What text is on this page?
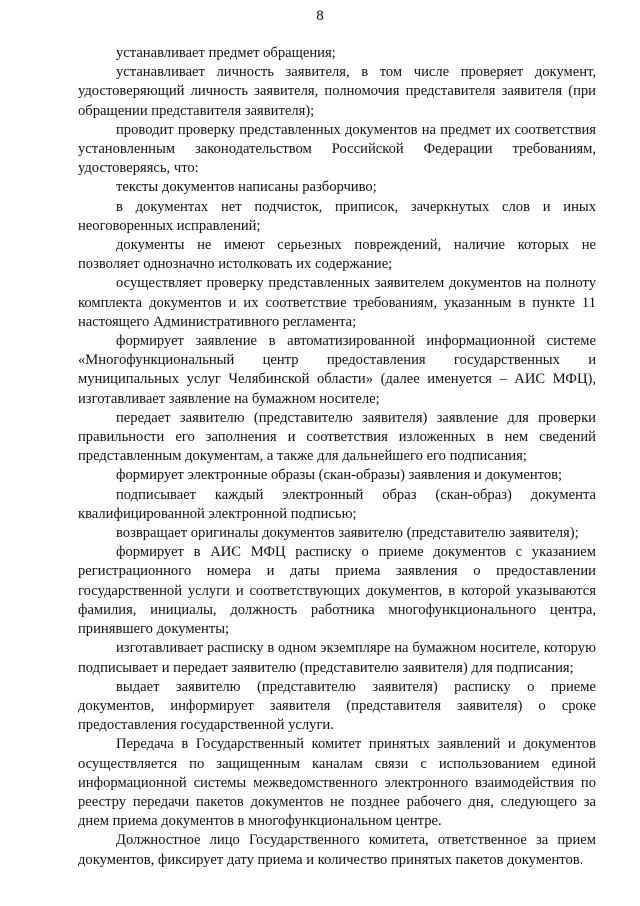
8

устанавливает предмет обращения;

устанавливает личность заявителя, в том числе проверяет документ, удостоверяющий личность заявителя, полномочия представителя заявителя (при обращении представителя заявителя);

проводит проверку представленных документов на предмет их соответствия установленным законодательством Российской Федерации требованиям, удостоверяясь, что:

тексты документов написаны разборчиво;

в документах нет подчисток, приписок, зачеркнутых слов и иных неоговоренных исправлений;

документы не имеют серьезных повреждений, наличие которых не позволяет однозначно истолковать их содержание;

осуществляет проверку представленных заявителем документов на полноту комплекта документов и их соответствие требованиям, указанным в пункте 11 настоящего Административного регламента;

формирует заявление в автоматизированной информационной системе «Многофункциональный центр предоставления государственных и муниципальных услуг Челябинской области» (далее именуется – АИС МФЦ), изготавливает заявление на бумажном носителе;

передает заявителю (представителю заявителя) заявление для проверки правильности его заполнения и соответствия изложенных в нем сведений представленным документам, а также для дальнейшего его подписания;

формирует электронные образы (скан-образы) заявления и документов;

подписывает каждый электронный образ (скан-образ) документа квалифицированной электронной подписью;

возвращает оригиналы документов заявителю (представителю заявителя);

формирует в АИС МФЦ расписку о приеме документов с указанием регистрационного номера и даты приема заявления о предоставлении государственной услуги и соответствующих документов, в которой указываются фамилия, инициалы, должность работника многофункционального центра, принявшего документы;

изготавливает расписку в одном экземпляре на бумажном носителе, которую подписывает и передает заявителю (представителю заявителя) для подписания;

выдает заявителю (представителю заявителя) расписку о приеме документов, информирует заявителя (представителя заявителя) о сроке предоставления государственной услуги.

Передача в Государственный комитет принятых заявлений и документов осуществляется по защищенным каналам связи с использованием единой информационной системы межведомственного электронного взаимодействия по реестру передачи пакетов документов не позднее рабочего дня, следующего за днем приема документов в многофункциональном центре.

Должностное лицо Государственного комитета, ответственное за прием документов, фиксирует дату приема и количество принятых пакетов документов.
